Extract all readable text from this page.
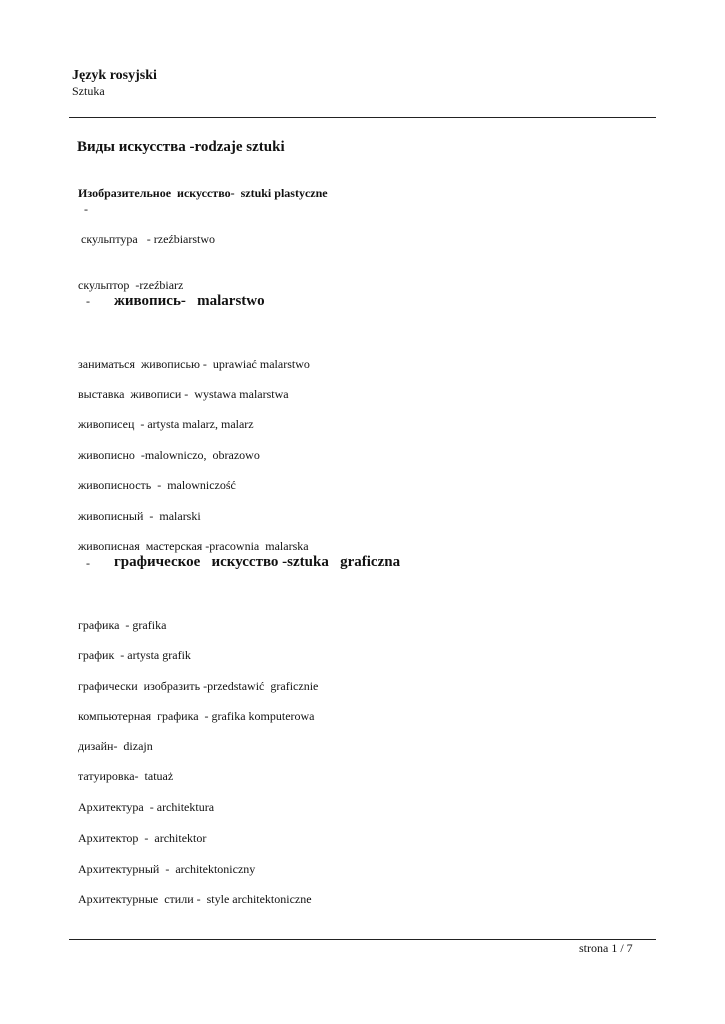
Język rosyjski
Sztuka
Виды искусства -rodzaje sztuki
Изобразительное  искусство-  sztuki plastyczne
-
скульптура   - rzeźbiarstwo
скульптор  -rzeźbiarz
- живопись-   malarstwo
заниматься  живописью -  uprawiać malarstwo
выставка  живописи -  wystawa malarstwa
живописец  - artysta malarz, malarz
живописно  -malowniczo,  obrazowo
живописность  -  malowniczość
живописный  -  malarski
живописная  мастерская -pracownia  malarska
- графическое   искусство -sztuka   graficzna
графика  - grafika
график  - artysta grafik
графически  изобразить -przedstawić  graficznie
компьютерная  графика  - grafika komputerowa
дизайн-  dizajn
татуировка-  tatuaż
Архитектура  - architektura
Архитектор  -  architektor
Архитектурный  -  architektoniczny
Архитектурные  стили -  style architektoniczne
strona 1 / 7
